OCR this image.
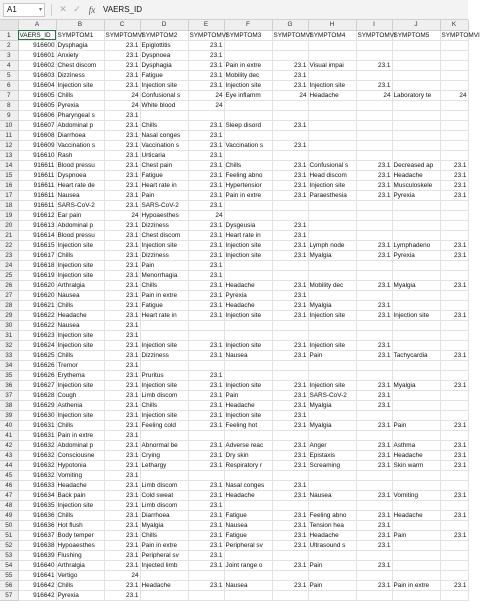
A1	▾	✕ ✓ fx VAERS_ID
	A	B	C	D	E	F	G	H	I	J	K
1	VAERS_ID	SYMPTOM1	SYMPTOMVI	SYMPTOM2	SYMPTOMVI	SYMPTOM3	SYMPTOMVI	SYMPTOM4	SYMPTOMVI	SYMPTOM5	SYMPTOMVI
2	916600	Dysphagia	23.1	Epiglottitis	23.1						
3	916601	Anxiety	23.1	Dyspnoea	23.1						
4	916602	Chest discom	23.1	Dysphagia	23.1	Pain in extre	23.1	Visual impai	23.1		
5	916603	Dizziness	23.1	Fatigue	23.1	Mobility dec	23.1				
6	916604	Injection site	23.1	Injection site	23.1	Injection site	23.1	Injection site	23.1		
7	916605	Chills	24	Confusional s	24	Eye inflamm	24	Headache	24	Laboratory te	24
8	916605	Pyrexia	24	White blood	24						
9	916606	Pharyngeal s	23.1								
10	916607	Abdominal p	23.1	Chills	23.1	Sleep disord	23.1				
11	916608	Diarrhoea	23.1	Nasal conges	23.1						
12	916609	Vaccination s	23.1	Vaccination s	23.1	Vaccination s	23.1				
13	916610	Rash	23.1	Urticaria	23.1						
14	916611	Blood pressu	23.1	Chest pain	23.1	Chills	23.1	Confusional s	23.1	Decreased ap	23.1
15	916611	Dyspnoea	23.1	Fatigue	23.1	Feeling abno	23.1	Head discom	23.1	Headache	23.1
16	916611	Heart rate de	23.1	Heart rate in	23.1	Hypertensior	23.1	Injection site	23.1	Musculoskele	23.1
17	916611	Nausea	23.1	Pain	23.1	Pain in extre	23.1	Paraesthesia	23.1	Pyrexia	23.1
18	916611	SARS-CoV-2	23.1	SARS-CoV-2	23.1						
19	916612	Ear pain	24	Hypoaesthes	24						
20	916613	Abdominal p	23.1	Dizziness	23.1	Dysgeusia	23.1				
21	916614	Blood pressu	23.1	Chest discom	23.1	Heart rate in	23.1				
22	916615	Injection site	23.1	Injection site	23.1	Injection site	23.1	Lymph node	23.1	Lymphadeno	23.1
23	916617	Chills	23.1	Dizziness	23.1	Injection site	23.1	Myalgia	23.1	Pyrexia	23.1
24	916618	Injection site	23.1	Pain	23.1						
25	916619	Injection site	23.1	Menorrhagia	23.1						
26	916620	Arthralgia	23.1	Chills	23.1	Headache	23.1	Mobility dec	23.1	Myalgia	23.1
27	916620	Nausea	23.1	Pain in extre	23.1	Pyrexia	23.1				
28	916621	Chills	23.1	Fatigue	23.1	Headache	23.1	Myalgia	23.1		
29	916622	Headache	23.1	Heart rate in	23.1	Injection site	23.1	Injection site	23.1	Injection site	23.1
30	916622	Nausea	23.1								
31	916623	Injection site	23.1								
32	916624	Injection site	23.1	Injection site	23.1	Injection site	23.1	Injection site	23.1		
33	916625	Chills	23.1	Dizziness	23.1	Nausea	23.1	Pain	23.1	Tachycardia	23.1
34	916626	Tremor	23.1								
35	916626	Erythema	23.1	Pruritus	23.1						
36	916627	Injection site	23.1	Injection site	23.1	Injection site	23.1	Injection site	23.1	Myalgia	23.1
37	916628	Cough	23.1	Limb discom	23.1	Pain	23.1	SARS-CoV-2	23.1		
38	916629	Asthenia	23.1	Chills	23.1	Headache	23.1	Myalgia	23.1		
39	916630	Injection site	23.1	Injection site	23.1	Injection site	23.1				
40	916631	Chills	23.1	Feeling cold	23.1	Feeling hot	23.1	Myalgia	23.1	Pain	23.1
41	916631	Pain in extre	23.1								
42	916632	Abdominal p	23.1	Abnormal be	23.1	Adverse reac	23.1	Anger	23.1	Asthma	23.1
43	916632	Consciousne	23.1	Crying	23.1	Dry skin	23.1	Epistaxis	23.1	Headache	23.1
44	916632	Hypotonia	23.1	Lethargy	23.1	Respiratory r	23.1	Screaming	23.1	Skin warm	23.1
45	916632	Vomiting	23.1								
46	916633	Headache	23.1	Limb discom	23.1	Nasal conges	23.1				
47	916634	Back pain	23.1	Cold sweat	23.1	Headache	23.1	Nausea	23.1	Vomiting	23.1
48	916635	Injection site	23.1	Limb discom	23.1						
49	916636	Chills	23.1	Diarrhoea	23.1	Fatigue	23.1	Feeling abno	23.1	Headache	23.1
50	916636	Hot flush	23.1	Myalgia	23.1	Nausea	23.1	Tension hea	23.1		
51	916637	Body temper	23.1	Chills	23.1	Fatigue	23.1	Headache	23.1	Pain	23.1
52	916638	Hypoaesthes	23.1	Pain in extre	23.1	Peripheral sv	23.1	Ultrasound s	23.1		
53	916639	Flushing	23.1	Peripheral sv	23.1						
54	916640	Arthralgia	23.1	Injected limb	23.1	Joint range o	23.1	Pain	23.1		
55	916641	Vertigo	24								
56	916642	Chills	23.1	Headache	23.1	Nausea	23.1	Pain	23.1	Pain in extre	23.1
57	916642	Pyrexia	23.1								
